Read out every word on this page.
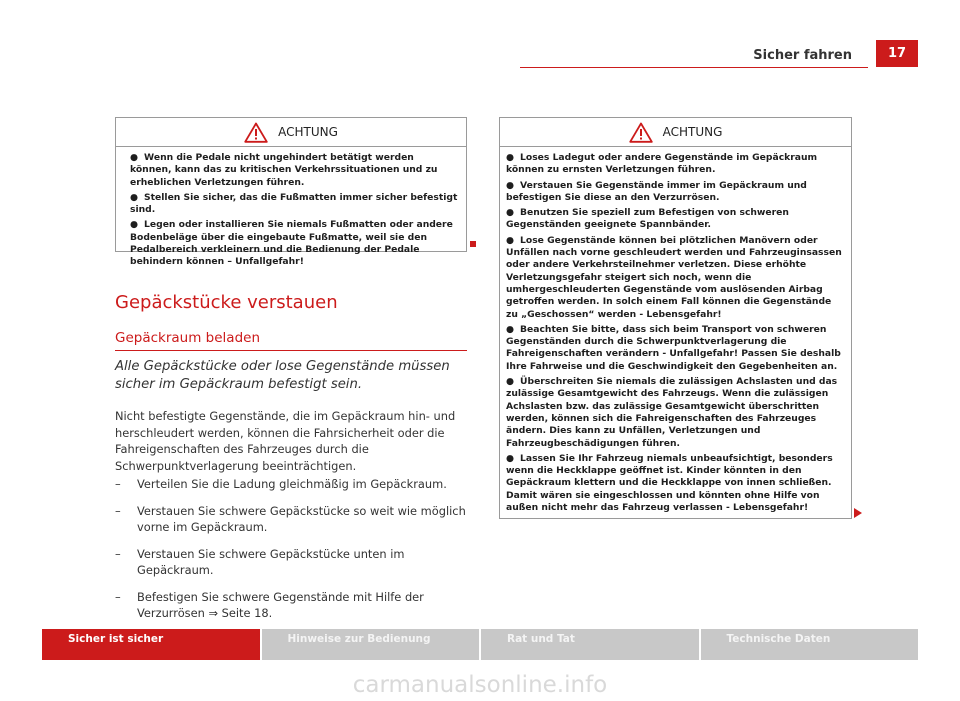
Sicher fahren	17
ACHTUNG
● Wenn die Pedale nicht ungehindert betätigt werden können, kann das zu kritischen Verkehrssituationen und zu erheblichen Verletzungen führen.
● Stellen Sie sicher, das die Fußmatten immer sicher befestigt sind.
● Legen oder installieren Sie niemals Fußmatten oder andere Bodenbeläge über die eingebaute Fußmatte, weil sie den Pedalbereich verkleinern und die Bedienung der Pedale behindern können – Unfallgefahr!
ACHTUNG
● Loses Ladegut oder andere Gegenstände im Gepäckraum können zu ernsten Verletzungen führen.
● Verstauen Sie Gegenstände immer im Gepäckraum und befestigen Sie diese an den Verzurrösen.
● Benutzen Sie speziell zum Befestigen von schweren Gegenständen geeignete Spannbänder.
● Lose Gegenstände können bei plötzlichen Manövern oder Unfällen nach vorne geschleudert werden und Fahrzeuginsassen oder andere Verkehrsteilnehmer verletzen. Diese erhöhte Verletzungsgefahr steigert sich noch, wenn die umhergeschleuderten Gegenstände vom auslösenden Airbag getroffen werden. In solch einem Fall können die Gegenstände zu „Geschossen“ werden - Lebensgefahr!
● Beachten Sie bitte, dass sich beim Transport von schweren Gegenständen durch die Schwerpunktverlagerung die Fahreigenschaften verändern - Unfallgefahr! Passen Sie deshalb Ihre Fahrweise und die Geschwindigkeit den Gegebenheiten an.
● Überschreiten Sie niemals die zulässigen Achslasten und das zulässige Gesamtgewicht des Fahrzeugs. Wenn die zulässigen Achslasten bzw. das zulässige Gesamtgewicht überschritten werden, können sich die Fahreigenschaften des Fahrzeuges ändern. Dies kann zu Unfällen, Verletzungen und Fahrzeugbeschädigungen führen.
● Lassen Sie Ihr Fahrzeug niemals unbeaufsichtigt, besonders wenn die Heckklappe geöffnet ist. Kinder könnten in den Gepäckraum klettern und die Heckklappe von innen schließen. Damit wären sie eingeschlossen und könnten ohne Hilfe von außen nicht mehr das Fahrzeug verlassen - Lebensgefahr!
Gepäckstücke verstauen
Gepäckraum beladen
Alle Gepäckstücke oder lose Gegenstände müssen sicher im Gepäckraum befestigt sein.
Nicht befestigte Gegenstände, die im Gepäckraum hin- und herschleudert werden, können die Fahrsicherheit oder die Fahreigenschaften des Fahrzeuges durch die Schwerpunktverlagerung beeinträchtigen.
–	Verteilen Sie die Ladung gleichmäßig im Gepäckraum.
–	Verstauen Sie schwere Gepäckstücke so weit wie möglich vorne im Gepäckraum.
–	Verstauen Sie schwere Gepäckstücke unten im Gepäckraum.
–	Befestigen Sie schwere Gegenstände mit Hilfe der Verzurrösen ⇒ Seite 18.
Sicher ist sicher	Hinweise zur Bedienung	Rat und Tat	Technische Daten
carmanualsonline.info
